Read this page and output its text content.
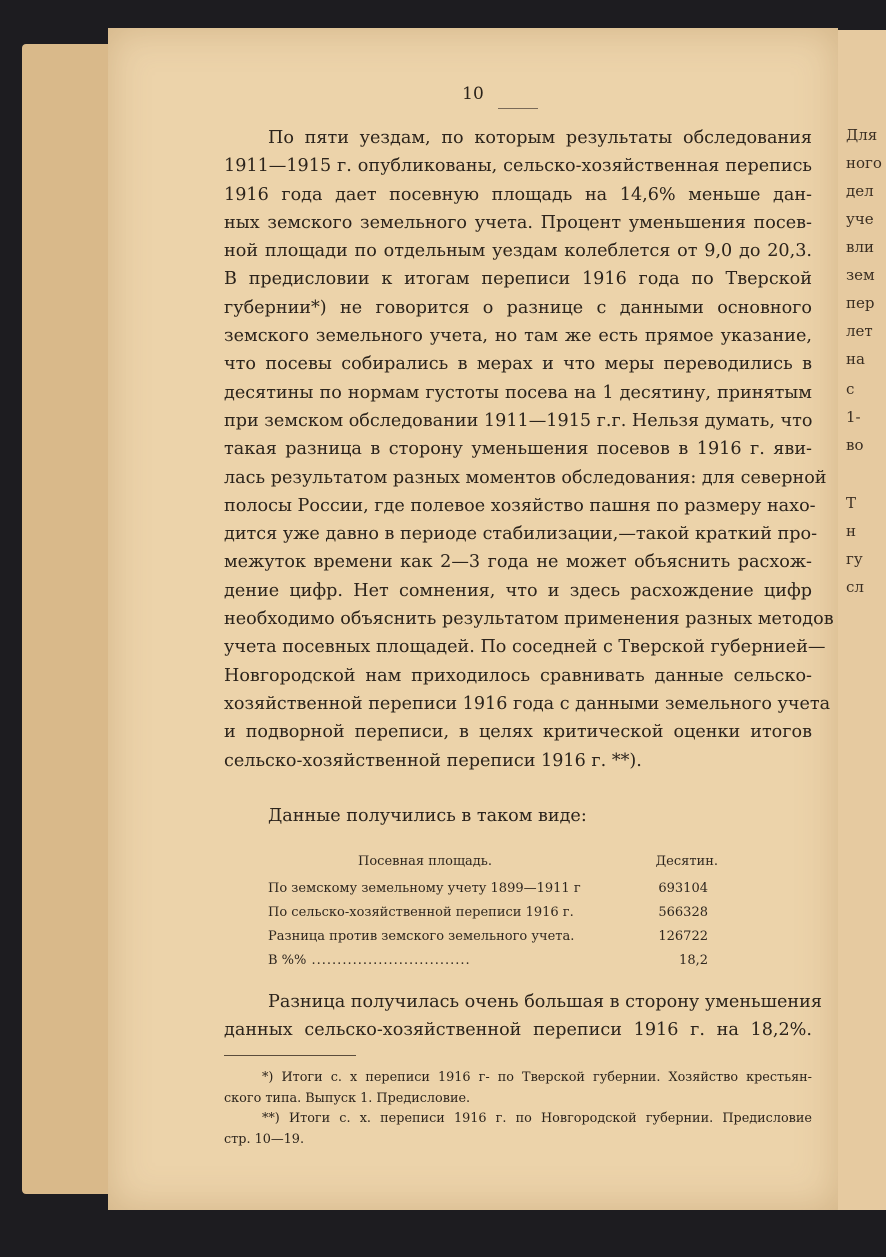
Для
ного
дел
уче
вли
зем
пер
лет
на
с
1-
во
Т
н
гу
сл
10
По пяти уездам, по которым результаты обследования
1911—1915 г. опубликованы, сельско-хозяйственная перепись
1916 года дает посевную площадь на 14,6% меньше дан-
ных земского земельного учета. Процент уменьшения посев-
ной площади по отдельным уездам колеблется от 9,0 до 20,3.
В предисловии к итогам переписи 1916 года по Тверской
губернии*) не говорится о разнице с данными основного
земского земельного учета, но там же есть прямое указание,
что посевы собирались в мерах и что меры переводились в
десятины по нормам густоты посева на 1 десятину, принятым
при земском обследовании 1911—1915 г.г. Нельзя думать, что
такая разница в сторону уменьшения посевов в 1916 г. яви-
лась результатом разных моментов обследования: для северной
полосы России, где полевое хозяйство пашня по размеру нахо-
дится уже давно в периоде стабилизации,—такой краткий про-
межуток времени как 2—3 года не может объяснить расхож-
дение цифр. Нет сомнения, что и здесь расхождение цифр
необходимо объяснить результатом применения разных методов
учета посевных площадей. По соседней с Тверской губернией—
Новгородской нам приходилось сравнивать данные сельско-
хозяйственной переписи 1916 года с данными земельного учета
и подворной переписи, в целях критической оценки итогов
сельско-хозяйственной переписи 1916 г. **).
Данные получились в таком виде:
Посевная площадь.	Десятин.
По земскому земельному учету 1899—1911 г	693104
По сельско-хозяйственной переписи 1916 г.	566328
Разница против земского земельного учета.	126722
В %% ...............................	18,2
Разница получилась очень большая в сторону уменьшения
данных сельско-хозяйственной переписи 1916 г. на 18,2%.
*) Итоги с. х переписи 1916 г- по Тверской губернии. Хозяйство крестьян-
ского типа. Выпуск 1. Предисловие.
**) Итоги с. х. переписи 1916 г. по Новгородской губернии. Предисловие
стр. 10—19.
